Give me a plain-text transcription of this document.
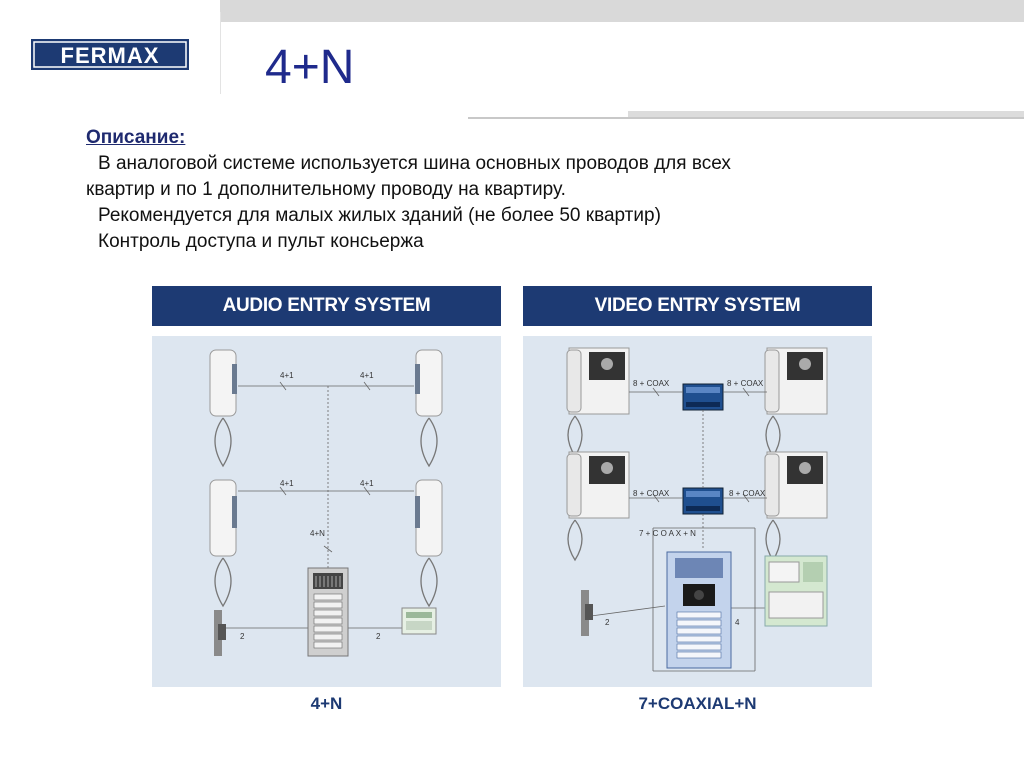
FERMAX 4+N
Описание:
В аналоговой системе используется шина основных проводов для всех
квартир и по 1 дополнительному проводу на квартиру.
Рекомендуется для малых жилых зданий (не более 50 квартир)
Контроль доступа и пульт консьержа
AUDIO ENTRY SYSTEM
4+1	4+1
4+1	4+1
4+N
2	2
4+N
VIDEO ENTRY SYSTEM
8 + COAX	8 + COAX
8 + COAX	8 + COAX
7 + C O A X + N
2	4
7+COAXIAL+N
